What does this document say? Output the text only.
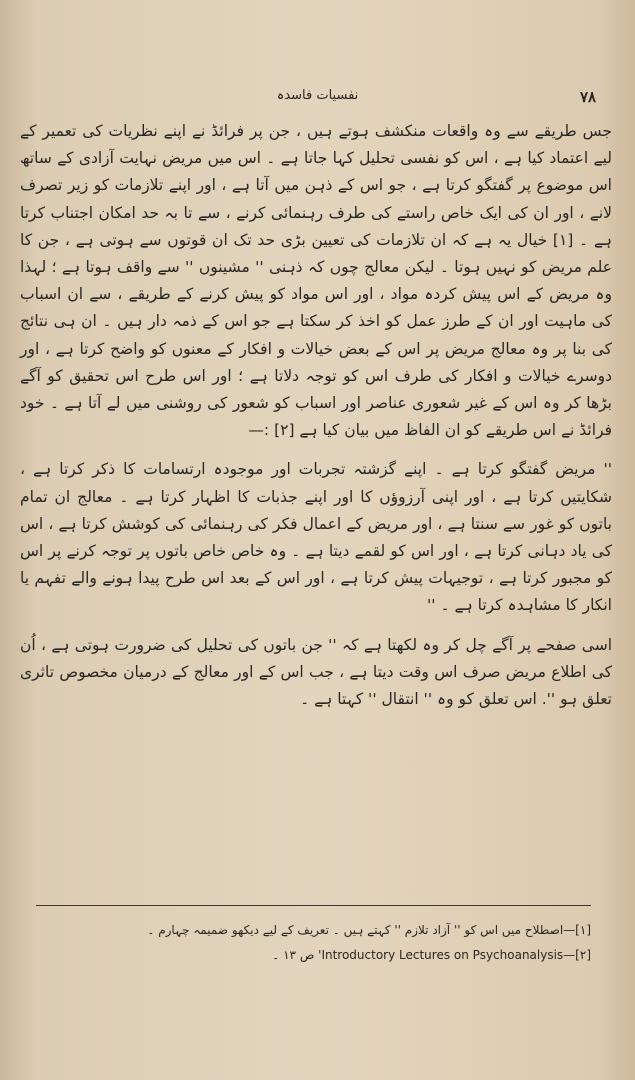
۷۸
نفسیات فاسدہ

جس طریقے سے وہ واقعات منکشف ہوتے ہیں ، جن پر فرائڈ نے اپنے نظریات کی تعمیر کے لیے اعتماد کیا ہے ، اس کو نفسی تحلیل کہا جاتا ہے ۔ اس میں مریض نہایت آزادی کے ساتھ اس موضوع پر گفتگو کرتا ہے ، جو اس کے ذہن میں آتا ہے ، اور اپنے تلازمات کو زیر تصرف لانے ، اور ان کی ایک خاص راستے کی طرف رہنمائی کرنے ، سے تا بہ حد امکان اجتناب کرتا ہے ۔ [۱] خیال یہ ہے کہ ان تلازمات کی تعیین بڑی حد تک ان قوتوں سے ہوتی ہے ، جن کا علم مریض کو نہیں ہوتا ۔ لیکن معالج چوں کہ ذہنی '' مشینوں '' سے واقف ہوتا ہے ؛ لہذا وہ مریض کے اس پیش کردہ مواد ، اور اس مواد کو پیش کرنے کے طریقے ، سے ان اسباب کی ماہیت اور ان کے طرز عمل کو اخذ کر سکتا ہے جو اس کے ذمہ دار ہیں ۔ ان ہی نتائج کی بنا پر وہ معالج مریض پر اس کے بعض خیالات و افکار کے معنوں کو واضح کرتا ہے ، اور دوسرے خیالات و افکار کی طرف اس کو توجہ دلاتا ہے ؛ اور اس طرح اس تحقیق کو آگے بڑھا کر وہ اس کے غیر شعوری عناصر اور اسباب کو شعور کی روشنی میں لے آتا ہے ۔ خود فرائڈ نے اس طریقے کو ان الفاظ میں بیان کیا ہے [۲] :—

'' مریض گفتگو کرتا ہے ۔ اپنے گزشتہ تجربات اور موجودہ ارتسامات کا ذکر کرتا ہے ، شکایتیں کرتا ہے ، اور اپنی آرزوؤں کا اور اپنے جذبات کا اظہار کرتا ہے ۔ معالج ان تمام باتوں کو غور سے سنتا ہے ، اور مریض کے اعمال فکر کی رہنمائی کی کوشش کرتا ہے ، اس کی یاد دہانی کرتا ہے ، اور اس کو لقمے دیتا ہے ۔ وہ خاص خاص باتوں پر توجہ کرنے پر اس کو مجبور کرتا ہے ، توجیہات پیش کرتا ہے ، اور اس کے بعد اس طرح پیدا ہونے والے تفہم یا انکار کا مشاہدہ کرتا ہے ۔ ''

اسی صفحے پر آگے چل کر وہ لکھتا ہے کہ '' جن باتوں کی تحلیل کی ضرورت ہوتی ہے ، اُن کی اطلاع مریض صرف اس وقت دیتا ہے ، جب اس کے اور معالج کے درمیان مخصوص تاثری تعلق ہو ''. اس تعلق کو وہ '' انتقال '' کہتا ہے ۔

[۱]—اصطلاح میں اس کو '' آزاد تلازم '' کہتے ہیں ۔ تعریف کے لیے دیکھو ضمیمہ چہارم ۔
[۲]—Introductory Lectures on Psychoanalysis' ص ۱۳ ۔
